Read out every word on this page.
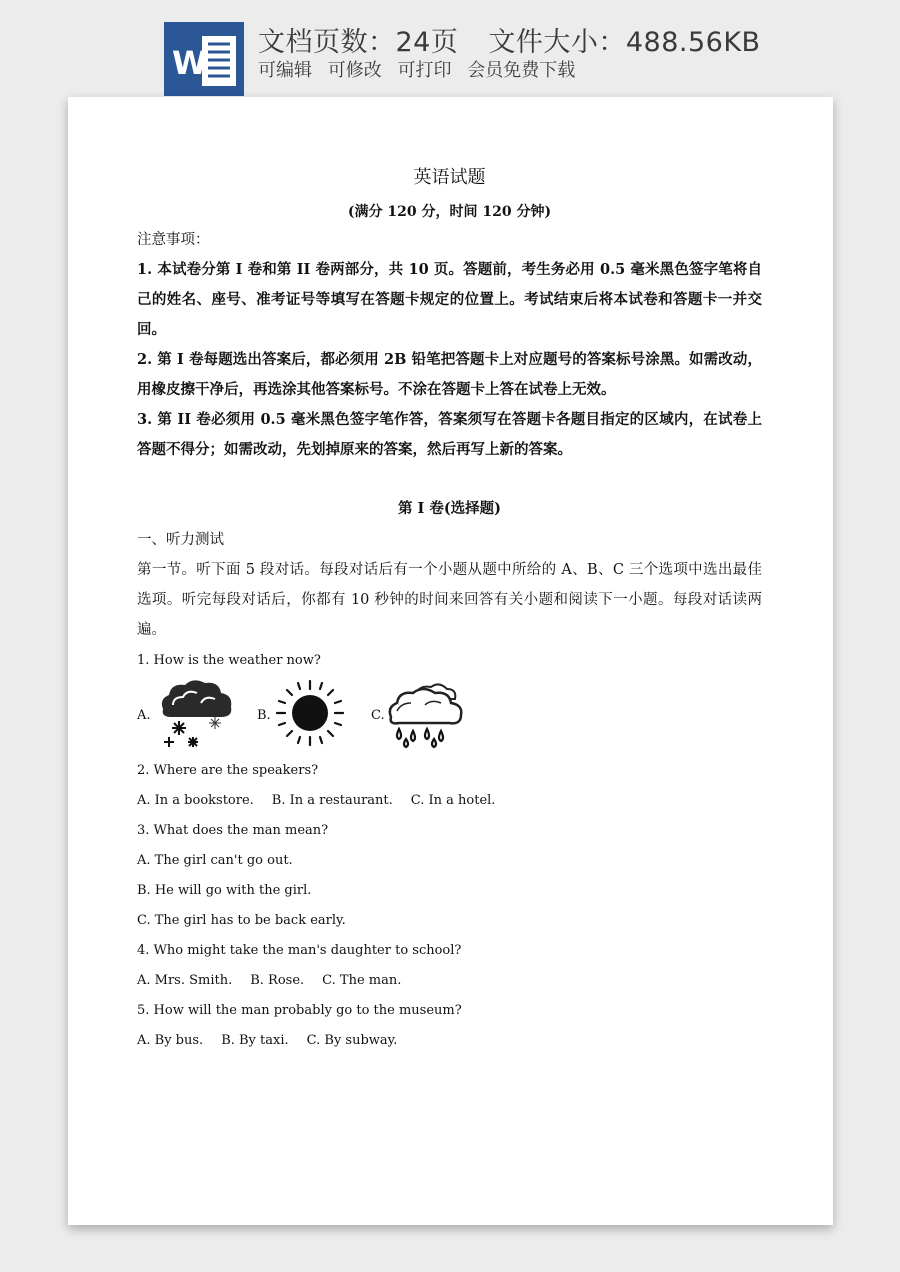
W
文档页数：24页 文件大小：488.56KB
可编辑 可修改 可打印 会员免费下载
英语试题
(满分 120 分，时间 120 分钟)
注意事项：
1. 本试卷分第 I 卷和第 II 卷两部分，共 10 页。答题前，考生务必用 0.5 毫米黑色签字笔将自己的姓名、座号、准考证号等填写在答题卡规定的位置上。考试结束后将本试卷和答题卡一并交回。
2. 第 I 卷每题选出答案后，都必须用 2B 铅笔把答题卡上对应题号的答案标号涂黑。如需改动，用橡皮擦干净后，再选涂其他答案标号。不涂在答题卡上答在试卷上无效。
3. 第 II 卷必须用 0.5 毫米黑色签字笔作答，答案须写在答题卡各题目指定的区域内，在试卷上答题不得分；如需改动，先划掉原来的答案，然后再写上新的答案。
第 I 卷(选择题)
一、听力测试
第一节。听下面 5 段对话。每段对话后有一个小题从题中所给的 A、B、C 三个选项中选出最佳选项。听完每段对话后，你都有 10 秒钟的时间来回答有关小题和阅读下一小题。每段对话读两遍。
1. How is the weather now?
A.	B.	C.
2. Where are the speakers?
A. In a bookstore. B. In a restaurant. C. In a hotel.
3. What does the man mean?
A. The girl can't go out.
B. He will go with the girl.
C. The girl has to be back early.
4. Who might take the man's daughter to school?
A. Mrs. Smith. B. Rose. C. The man.
5. How will the man probably go to the museum?
A. By bus. B. By taxi. C. By subway.
